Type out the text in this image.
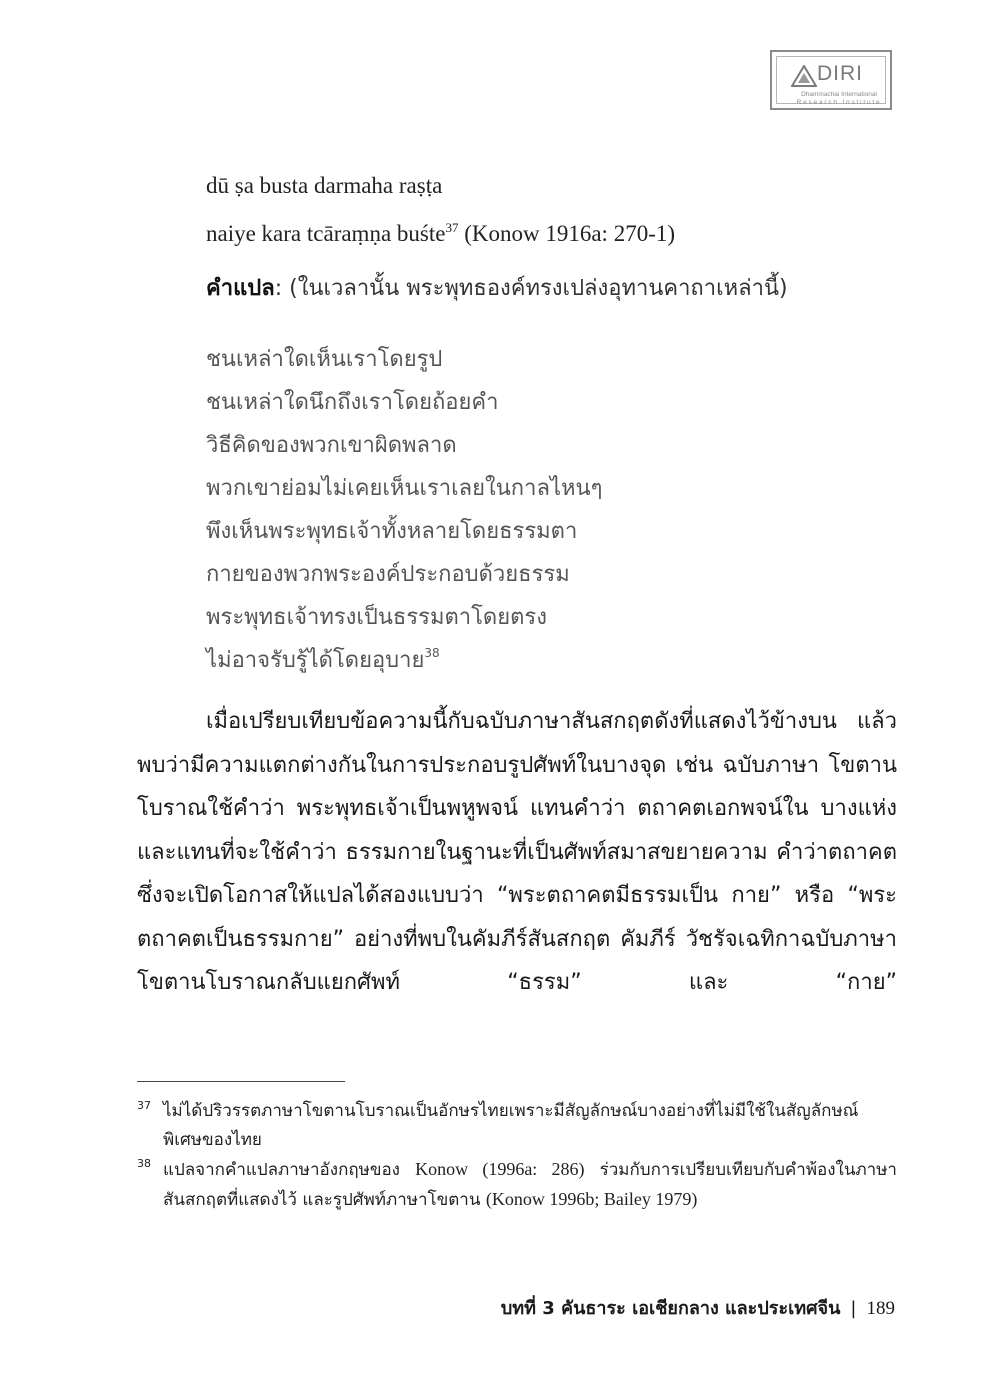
DIRI
Dhammachai International
Research Institute

dū ṣa busta darmaha raṣṭa

naiye kara tcāraṃṇa buśte$^{37}$ (Konow 1916a: 270-1)

คำแปล: (ในเวลานั้น พระพุทธองค์ทรงเปล่งอุทานคาถาเหล่านี้)

ชนเหล่าใดเห็นเราโดยรูป
ชนเหล่าใดนึกถึงเราโดยถ้อยคำ
วิธีคิดของพวกเขาผิดพลาด
พวกเขาย่อมไม่เคยเห็นเราเลยในกาลไหนๆ
พึงเห็นพระพุทธเจ้าทั้งหลายโดยธรรมตา
กายของพวกพระองค์ประกอบด้วยธรรม
พระพุทธเจ้าทรงเป็นธรรมตาโดยตรง
ไม่อาจรับรู้ได้โดยอุบาย$^{38}$

เมื่อเปรียบเทียบข้อความนี้กับฉบับภาษาสันสกฤตดังที่แสดงไว้ข้างบน แล้ว พบว่ามีความแตกต่างกันในการประกอบรูปศัพท์ในบางจุด เช่น ฉบับภาษา โขตานโบราณใช้คำว่า พระพุทธเจ้าเป็นพหูพจน์ แทนคำว่า ตถาคตเอกพจน์ใน บางแห่ง และแทนที่จะใช้คำว่า ธรรมกายในฐานะที่เป็นศัพท์สมาสขยายความ คำว่าตถาคตซึ่งจะเปิดโอกาสให้แปลได้สองแบบว่า “พระตถาคตมีธรรมเป็น กาย” หรือ “พระตถาคตเป็นธรรมกาย” อย่างที่พบในคัมภีร์สันสกฤต คัมภีร์ วัชรัจเฉทิกาฉบับภาษาโขตานโบราณกลับแยกศัพท์ “ธรรม” และ “กาย”

37 ไม่ได้ปริวรรตภาษาโขตานโบราณเป็นอักษรไทยเพราะมีสัญลักษณ์บางอย่างที่ไม่มีใช้ในสัญลักษณ์พิเศษของไทย

38 แปลจากคำแปลภาษาอังกฤษของ Konow (1996a: 286) ร่วมกับการเปรียบเทียบกับคำพ้องในภาษาสันสกฤตที่แสดงไว้ และรูปศัพท์ภาษาโขตาน (Konow 1996b; Bailey 1979)

บทที่ 3 คันธาระ เอเชียกลาง และประเทศจีน | 189
